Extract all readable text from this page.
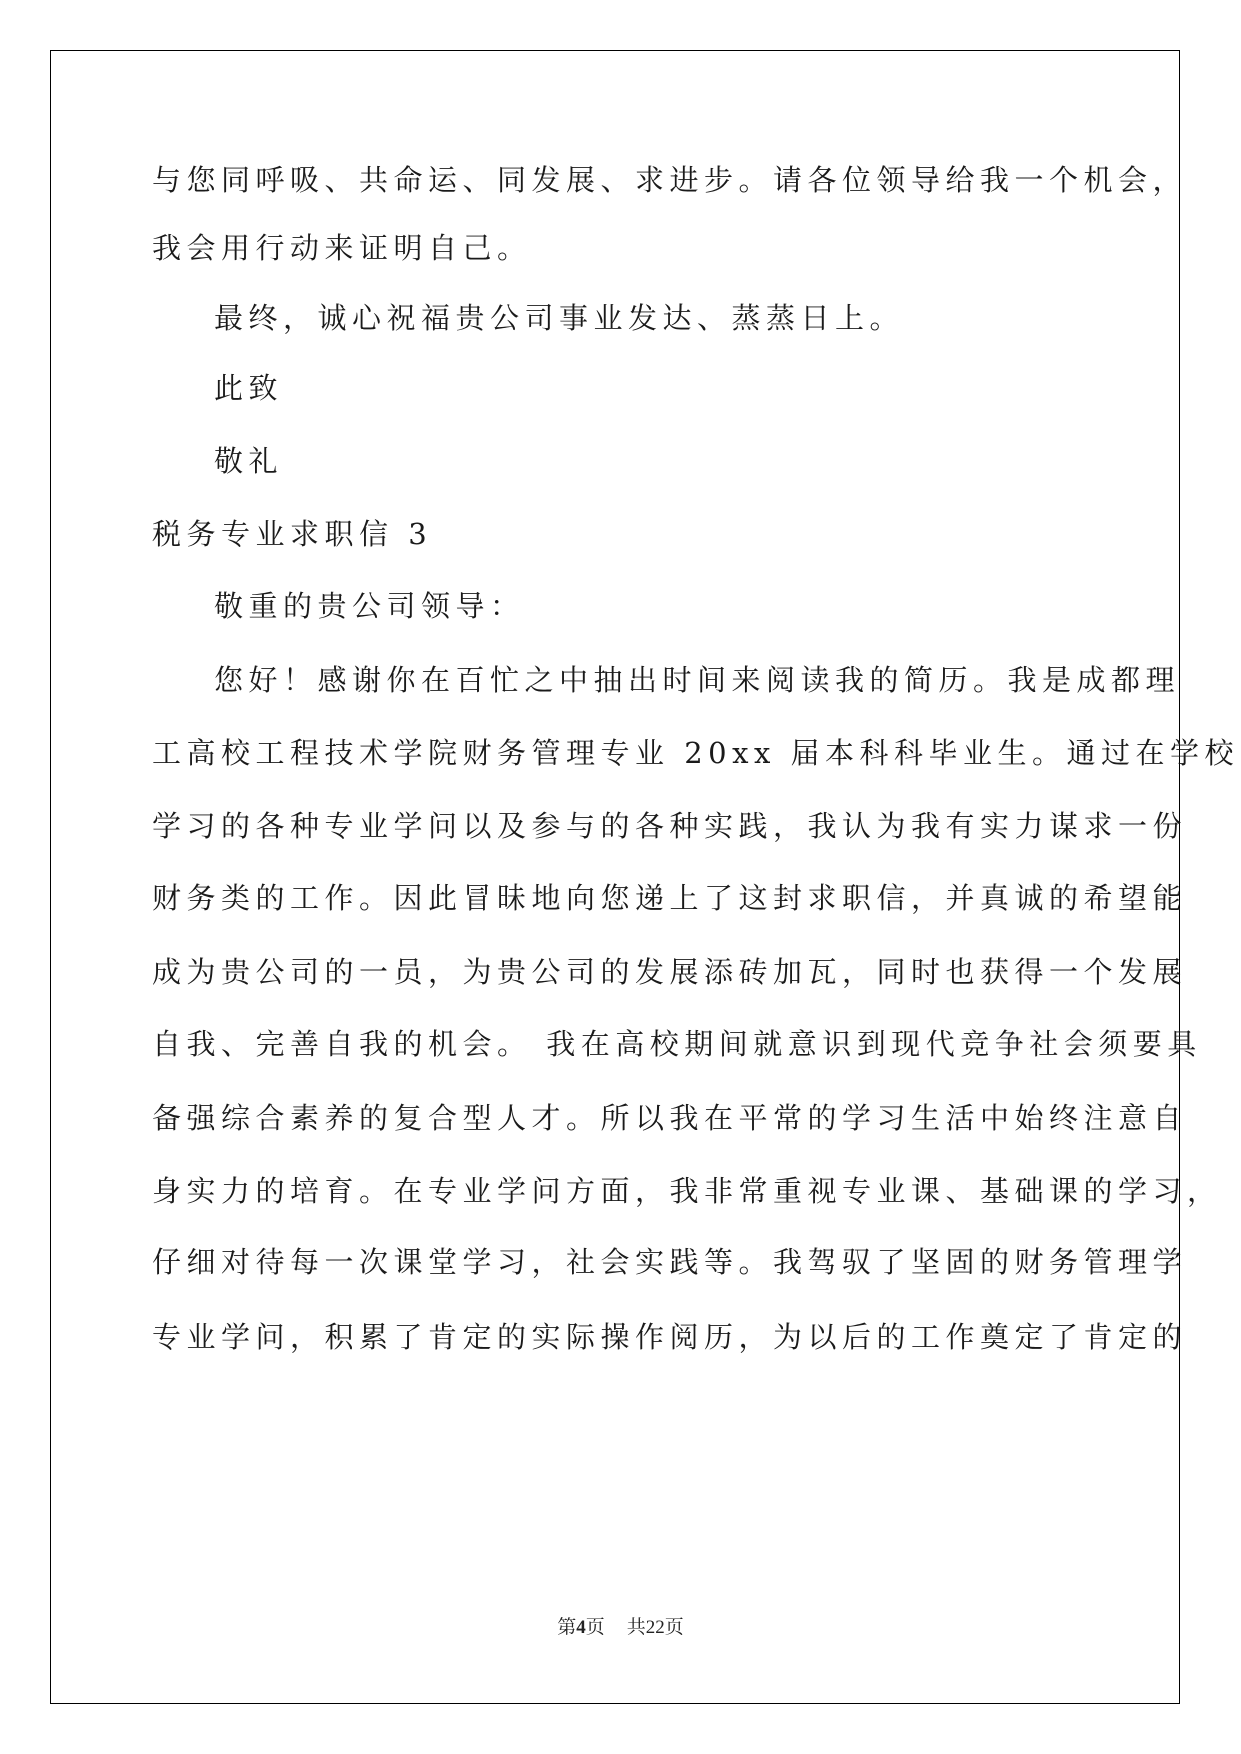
与您同呼吸、共命运、同发展、求进步。请各位领导给我一个机会，

我会用行动来证明自己。

最终，诚心祝福贵公司事业发达、蒸蒸日上。

此致

敬礼

税务专业求职信 3

敬重的贵公司领导：

您好！感谢你在百忙之中抽出时间来阅读我的简历。我是成都理

工高校工程技术学院财务管理专业 20xx 届本科科毕业生。通过在学校

学习的各种专业学问以及参与的各种实践，我认为我有实力谋求一份

财务类的工作。因此冒昧地向您递上了这封求职信，并真诚的希望能

成为贵公司的一员，为贵公司的发展添砖加瓦，同时也获得一个发展

自我、完善自我的机会。 我在高校期间就意识到现代竞争社会须要具

备强综合素养的复合型人才。所以我在平常的学习生活中始终注意自

身实力的培育。在专业学问方面，我非常重视专业课、基础课的学习，

仔细对待每一次课堂学习，社会实践等。我驾驭了坚固的财务管理学

专业学问，积累了肯定的实际操作阅历，为以后的工作奠定了肯定的

第4页 共22页
